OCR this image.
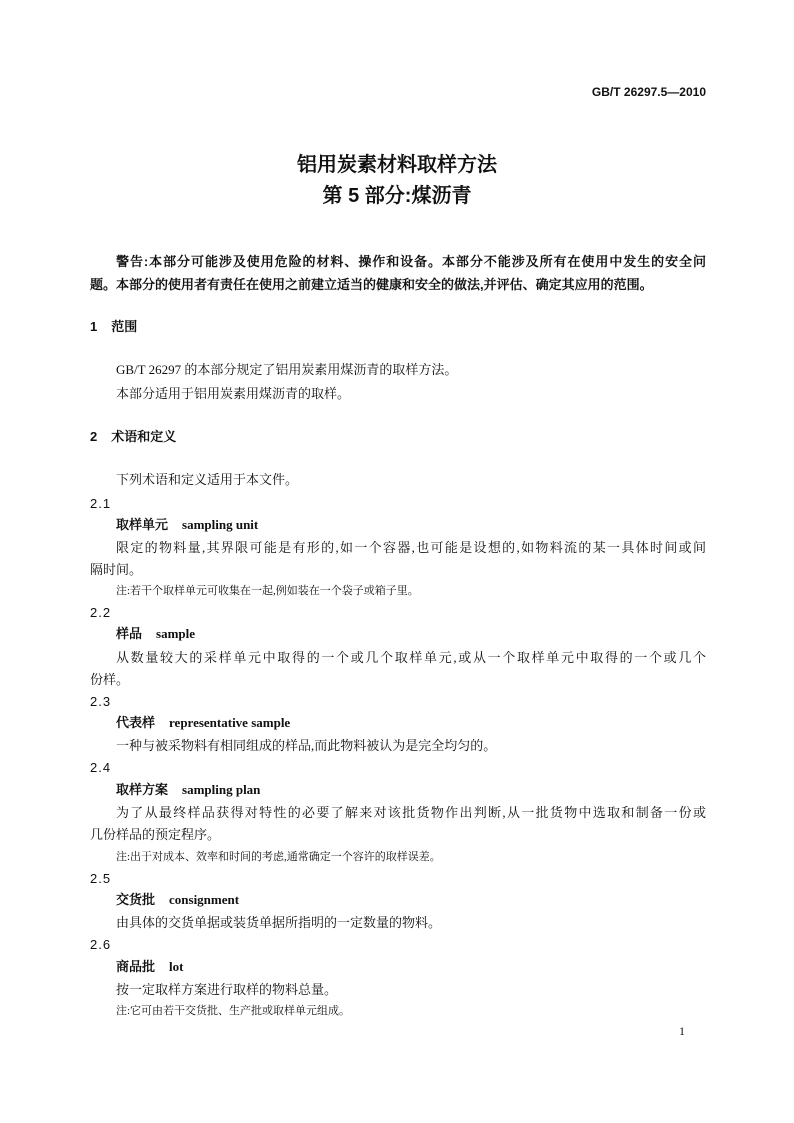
GB/T 26297.5—2010
铝用炭素材料取样方法
第 5 部分:煤沥青
警告:本部分可能涉及使用危险的材料、操作和设备。本部分不能涉及所有在使用中发生的安全问
题。本部分的使用者有责任在使用之前建立适当的健康和安全的做法,并评估、确定其应用的范围。
1 范围
GB/T 26297 的本部分规定了铝用炭素用煤沥青的取样方法。
本部分适用于铝用炭素用煤沥青的取样。
2 术语和定义
下列术语和定义适用于本文件。
2.1
取样单元 sampling unit
限定的物料量,其界限可能是有形的,如一个容器,也可能是设想的,如物料流的某一具体时间或间
隔时间。
注:若干个取样单元可收集在一起,例如装在一个袋子或箱子里。
2.2
样品 sample
从数量较大的采样单元中取得的一个或几个取样单元,或从一个取样单元中取得的一个或几个
份样。
2.3
代表样 representative sample
一种与被采物料有相同组成的样品,而此物料被认为是完全均匀的。
2.4
取样方案 sampling plan
为了从最终样品获得对特性的必要了解来对该批货物作出判断,从一批货物中选取和制备一份或
几份样品的预定程序。
注:出于对成本、效率和时间的考虑,通常确定一个容许的取样误差。
2.5
交货批 consignment
由具体的交货单据或装货单据所指明的一定数量的物料。
2.6
商品批 lot
按一定取样方案进行取样的物料总量。
注:它可由若干交货批、生产批或取样单元组成。
1
